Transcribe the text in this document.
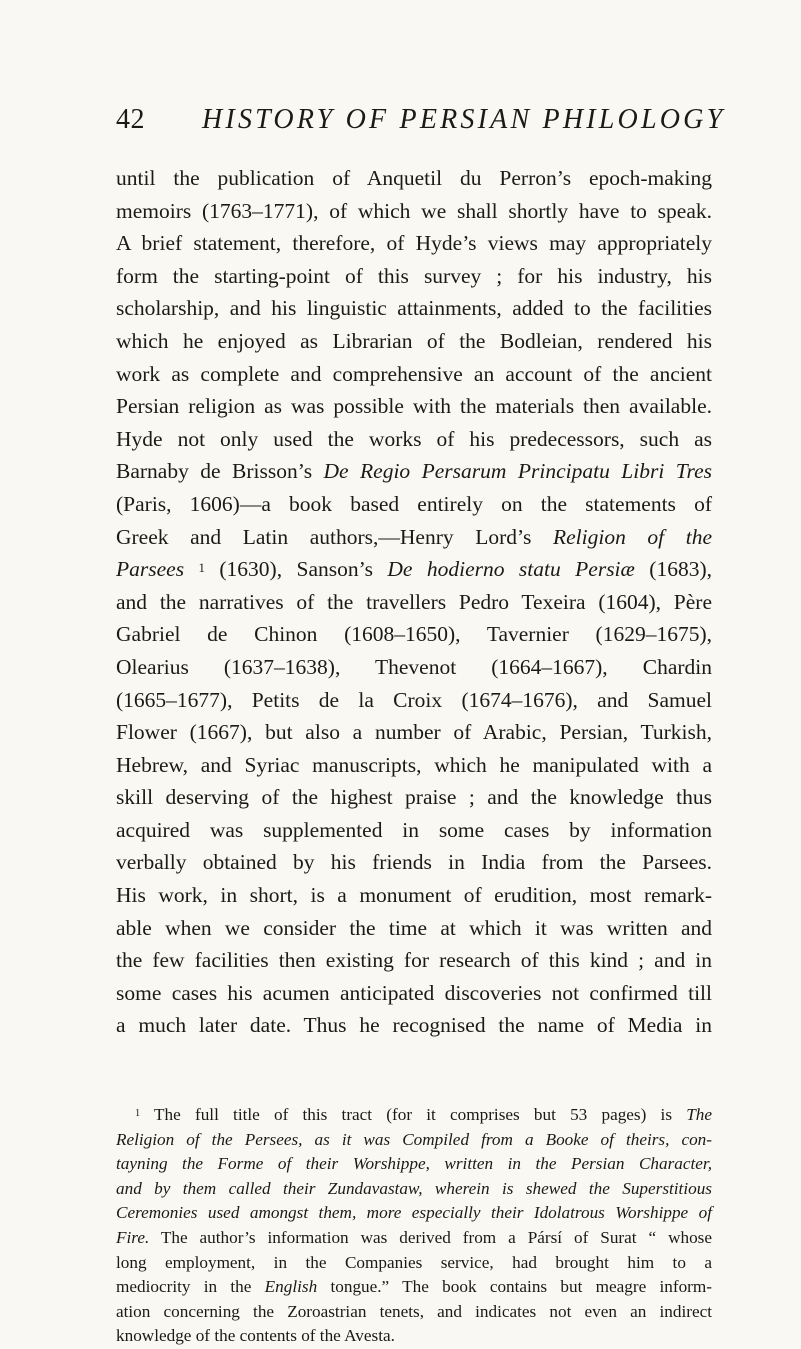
42 HISTORY OF PERSIAN PHILOLOGY
until the publication of Anquetil du Perron’s epoch-making
memoirs (1763–1771), of which we shall shortly have to speak.
A brief statement, therefore, of Hyde’s views may appropriately
form the starting-point of this survey ; for his industry, his
scholarship, and his linguistic attainments, added to the facilities
which he enjoyed as Librarian of the Bodleian, rendered his
work as complete and comprehensive an account of the ancient
Persian religion as was possible with the materials then available.
Hyde not only used the works of his predecessors, such as
Barnaby de Brisson’s De Regio Persarum Principatu Libri Tres
(Paris, 1606)—a book based entirely on the statements of
Greek and Latin authors,—Henry Lord’s Religion of the
Parsees $^1$ (1630), Sanson’s De hodierno statu Persiæ (1683),
and the narratives of the travellers Pedro Texeira (1604), Père
Gabriel de Chinon (1608–1650), Tavernier (1629–1675),
Olearius (1637–1638), Thevenot (1664–1667), Chardin
(1665–1677), Petits de la Croix (1674–1676), and Samuel
Flower (1667), but also a number of Arabic, Persian, Turkish,
Hebrew, and Syriac manuscripts, which he manipulated with a
skill deserving of the highest praise ; and the knowledge thus
acquired was supplemented in some cases by information
verbally obtained by his friends in India from the Parsees.
His work, in short, is a monument of erudition, most remark-
able when we consider the time at which it was written and
the few facilities then existing for research of this kind ; and in
some cases his acumen anticipated discoveries not confirmed till
a much later date. Thus he recognised the name of Media in
$^1$ The full title of this tract (for it comprises but 53 pages) is The
Religion of the Persees, as it was Compiled from a Booke of theirs, con-
tayning the Forme of their Worshippe, written in the Persian Character,
and by them called their Zundavastaw, wherein is shewed the Superstitious
Ceremonies used amongst them, more especially their Idolatrous Worshippe of
Fire. The author’s information was derived from a Pársí of Surat “ whose
long employment, in the Companies service, had brought him to a
mediocrity in the English tongue.” The book contains but meagre inform-
ation concerning the Zoroastrian tenets, and indicates not even an indirect
knowledge of the contents of the Avesta.
